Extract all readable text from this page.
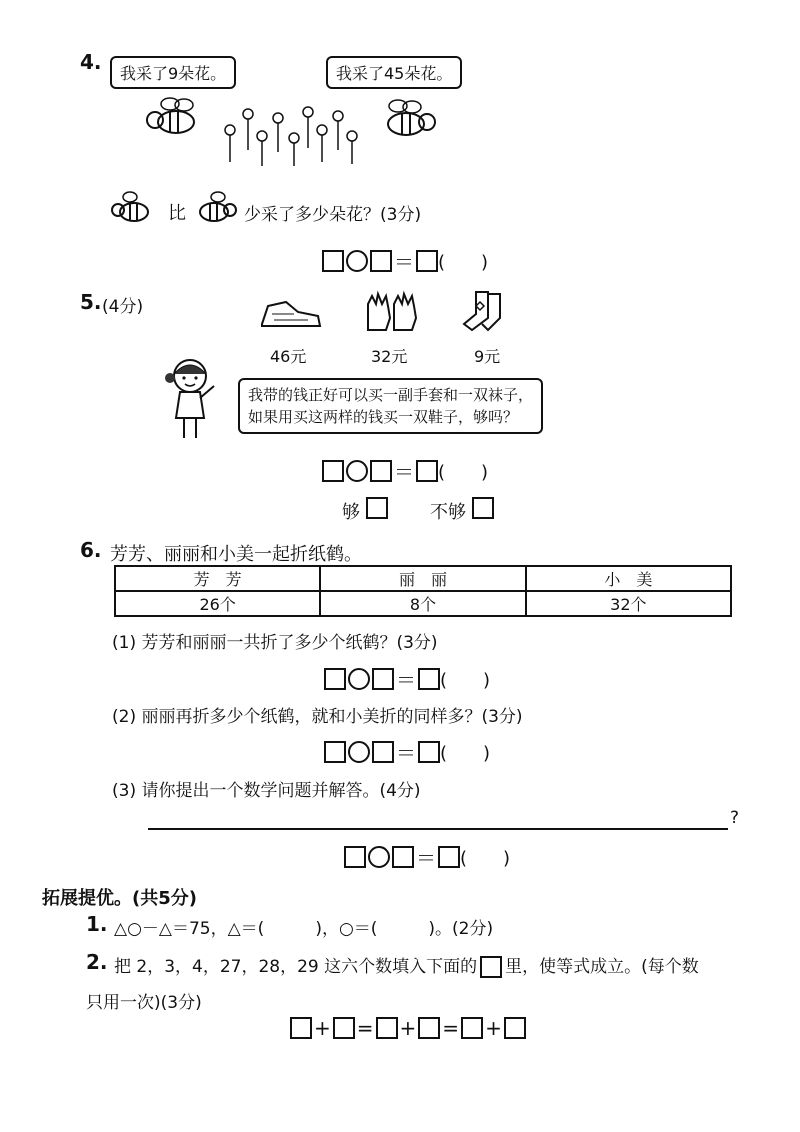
4.	我采了9朵花。	我采了45朵花。
比	少采了多少朵花？(3分)
＝ (　　)
5. (4分)
46元	32元	9元
我带的钱正好可以买一副手套和一双袜子，
如果用买这两样的钱买一双鞋子，够吗？
＝ (　　)
够	不够
6. 芳芳、丽丽和小美一起折纸鹤。
芳　芳	丽　丽	小　美
26个	8个	32个
(1) 芳芳和丽丽一共折了多少个纸鹤？(3分)
＝ (　　)
(2) 丽丽再折多少个纸鹤，就和小美折的同样多？(3分)
＝ (　　)
(3) 请你提出一个数学问题并解答。(4分)
?
＝ (　　)
拓展提优。(共5分)
1. △○－△＝75，△＝(　　　)，○＝(　　　)。(2分)
2. 把 2，3，4，27，28，29 这六个数填入下面的 里，使等式成立。(每个数
只用一次)(3分)
+ = + = +
